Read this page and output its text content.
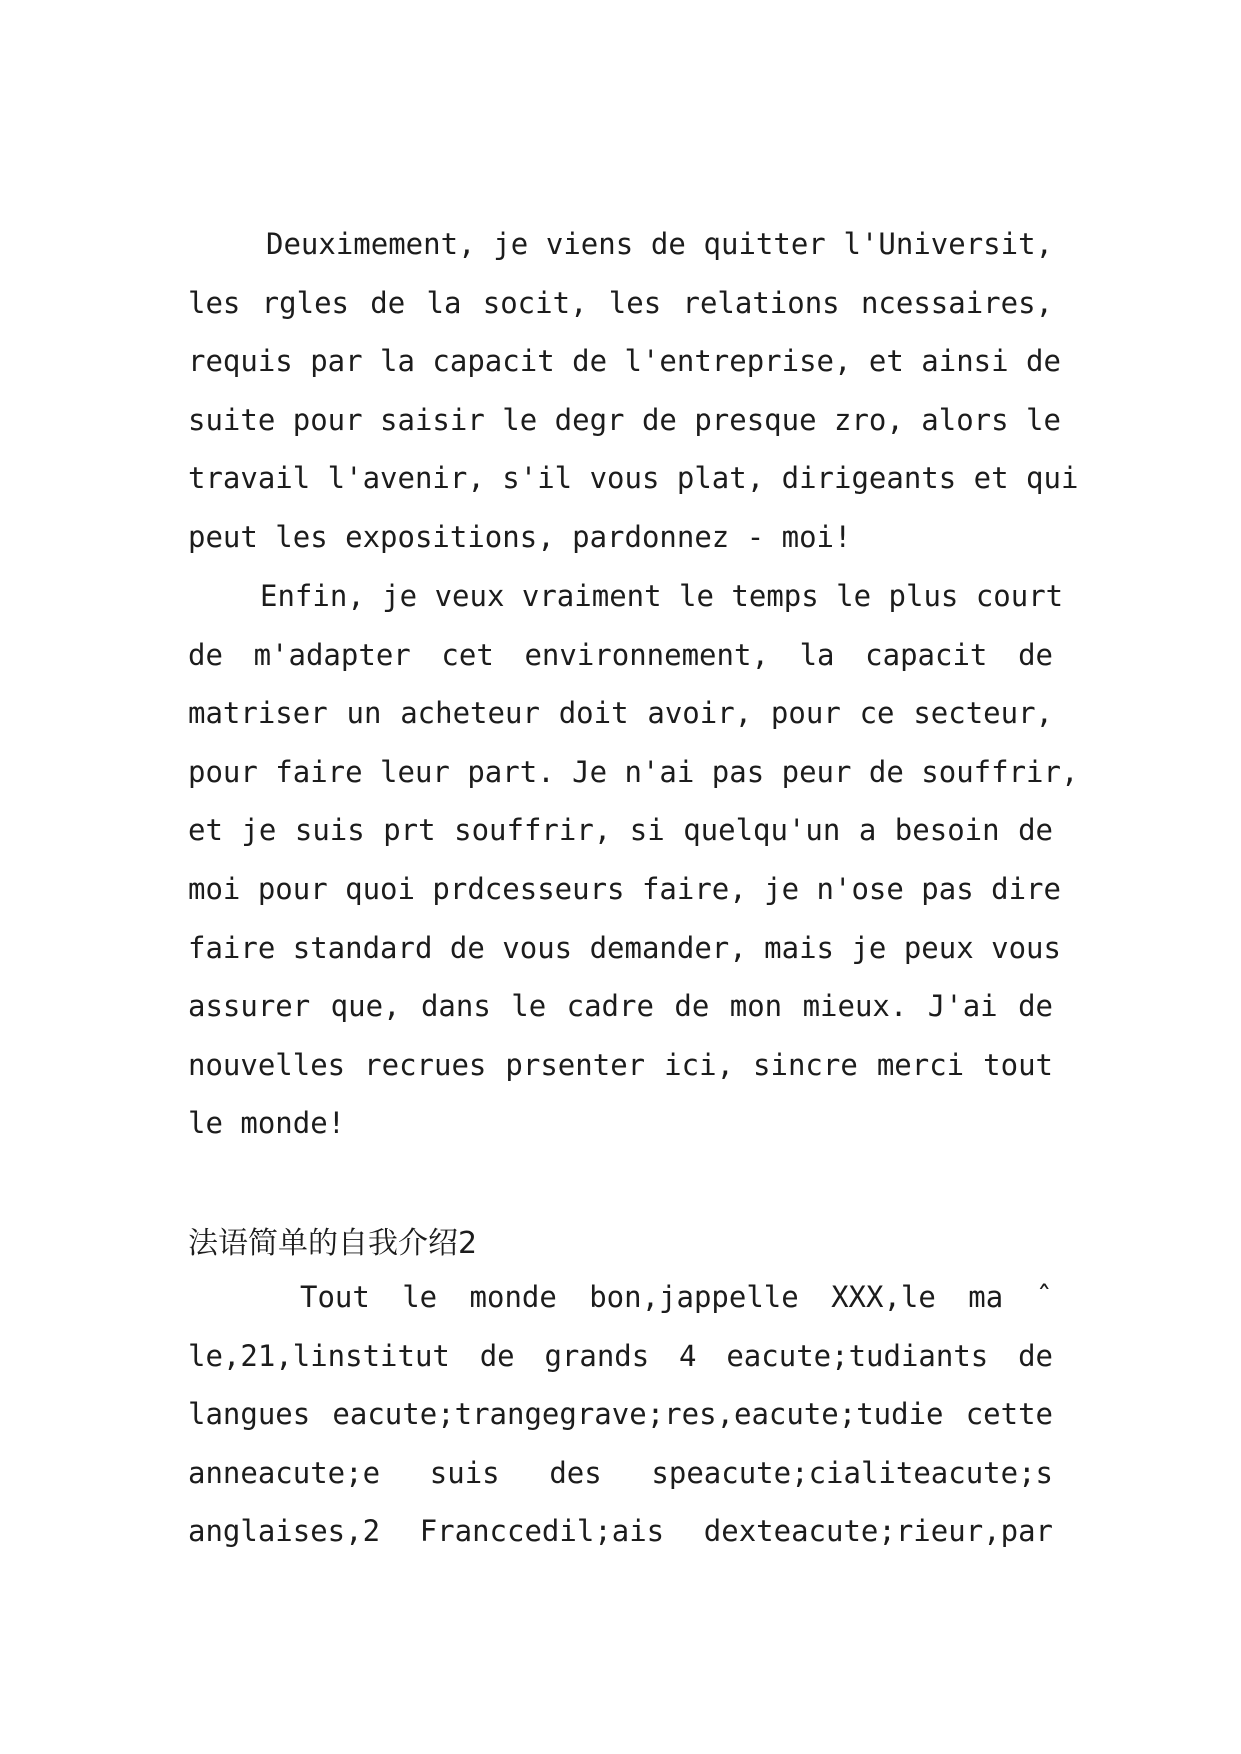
Deuximement, je viens de quitter l'Universit,
les rgles de la socit, les relations ncessaires,
requis par la capacit de l'entreprise, et ainsi de
suite pour saisir le degr de presque zro, alors le
travail l'avenir, s'il vous plat, dirigeants et qui
peut les expositions, pardonnez - moi!
Enfin, je veux vraiment le temps le plus court
de m'adapter cet environnement, la capacit de
matriser un acheteur doit avoir, pour ce secteur,
pour faire leur part. Je n'ai pas peur de souffrir,
et je suis prt souffrir, si quelqu'un a besoin de
moi pour quoi prdcesseurs faire, je n'ose pas dire
faire standard de vous demander, mais je peux vous
assurer que, dans le cadre de mon mieux. J'ai de
nouvelles recrues prsenter ici, sincre merci tout
le monde!
法语简单的自我介绍2
Tout le monde bon,jappelle XXX,le ma ˆ
le,21,linstitut de grands 4 eacute;tudiants de
langues eacute;trangegrave;res,eacute;tudie cette
anneacute;e suis des speacute;cialiteacute;s
anglaises,2 Franccedil;ais dexteacute;rieur,par
